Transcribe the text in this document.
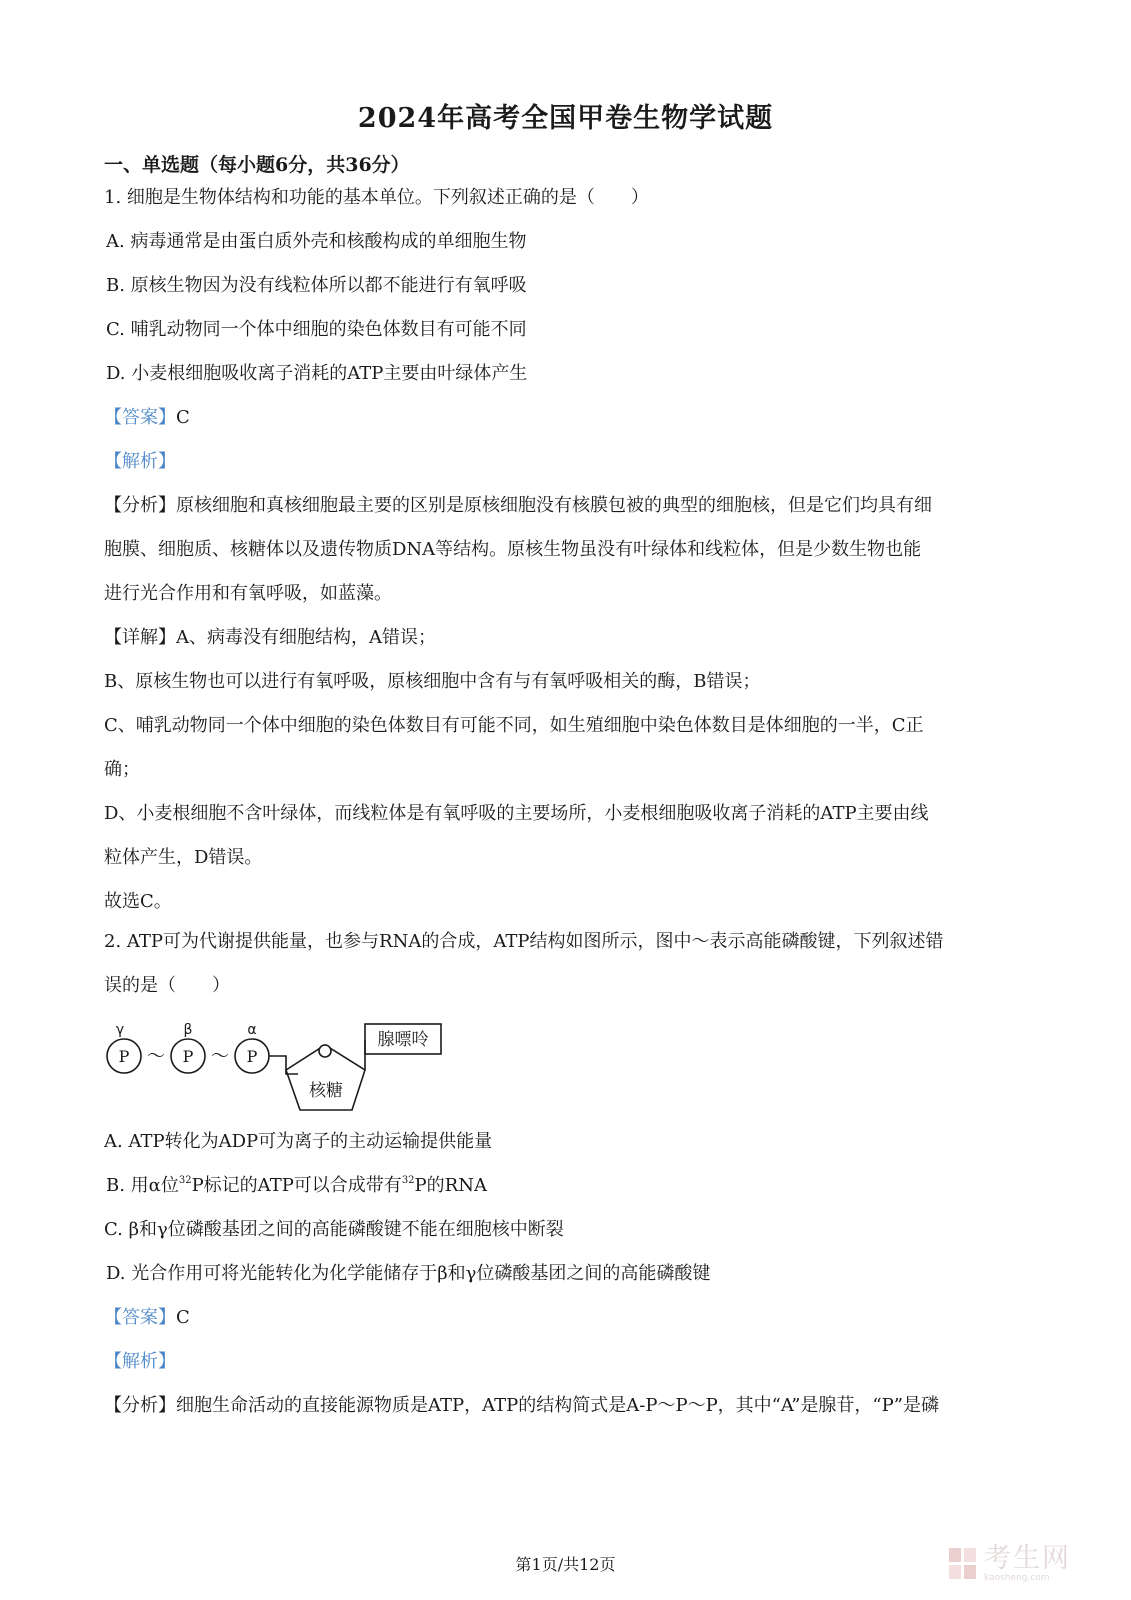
2024年高考全国甲卷生物学试题
一、单选题（每小题6分，共36分）
1. 细胞是生物体结构和功能的基本单位。下列叙述正确的是（　　）
A. 病毒通常是由蛋白质外壳和核酸构成的单细胞生物
B. 原核生物因为没有线粒体所以都不能进行有氧呼吸
C. 哺乳动物同一个体中细胞的染色体数目有可能不同
D. 小麦根细胞吸收离子消耗的ATP主要由叶绿体产生
【答案】C
【解析】
【分析】原核细胞和真核细胞最主要的区别是原核细胞没有核膜包被的典型的细胞核，但是它们均具有细
胞膜、细胞质、核糖体以及遗传物质DNA等结构。原核生物虽没有叶绿体和线粒体，但是少数生物也能
进行光合作用和有氧呼吸，如蓝藻。
【详解】A、病毒没有细胞结构，A错误；
B、原核生物也可以进行有氧呼吸，原核细胞中含有与有氧呼吸相关的酶，B错误；
C、哺乳动物同一个体中细胞的染色体数目有可能不同，如生殖细胞中染色体数目是体细胞的一半，C正
确；
D、小麦根细胞不含叶绿体，而线粒体是有氧呼吸的主要场所，小麦根细胞吸收离子消耗的ATP主要由线
粒体产生，D错误。
故选C。
2. ATP可为代谢提供能量，也参与RNA的合成，ATP结构如图所示，图中～表示高能磷酸键，下列叙述错
误的是（　　）
γ	β	α
P	P	P
～	～
核糖
腺嘌呤
A. ATP转化为ADP可为离子的主动运输提供能量
B. 用α位$^{32}$P标记的ATP可以合成带有$^{32}$P的RNA
C. β和γ位磷酸基团之间的高能磷酸键不能在细胞核中断裂
D. 光合作用可将光能转化为化学能储存于β和γ位磷酸基团之间的高能磷酸键
【答案】C
【解析】
【分析】细胞生命活动的直接能源物质是ATP，ATP的结构简式是A-P～P～P，其中“A”是腺苷，“P”是磷
第1页/共12页	考生网
kaosheng.com
